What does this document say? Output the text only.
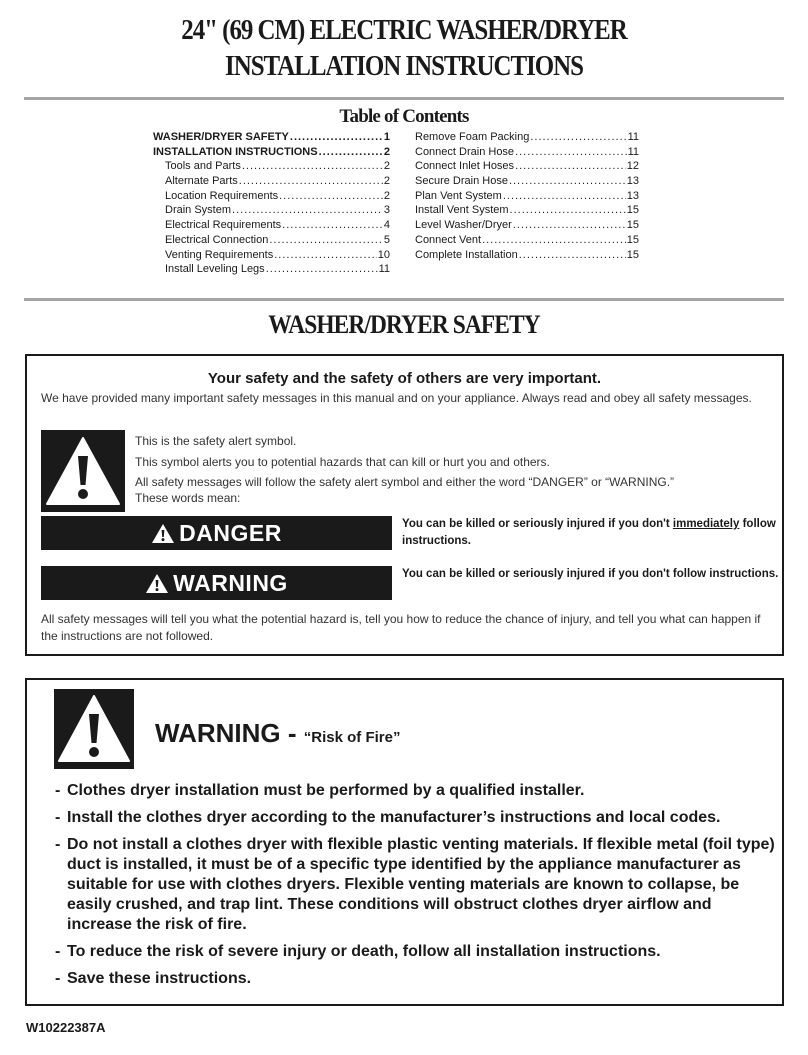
24" (69 CM) ELECTRIC WASHER/DRYER
INSTALLATION INSTRUCTIONS
Table of Contents
WASHER/DRYER SAFETY .....	1
INSTALLATION INSTRUCTIONS .....	2
Tools and Parts .....	2
Alternate Parts .....	2
Location Requirements .....	2
Drain System .....	3
Electrical Requirements .....	4
Electrical Connection .....	5
Venting Requirements .....	10
Install Leveling Legs .....	11
Remove Foam Packing .....	11
Connect Drain Hose .....	11
Connect Inlet Hoses .....	12
Secure Drain Hose .....	13
Plan Vent System .....	13
Install Vent System .....	15
Level Washer/Dryer .....	15
Connect Vent .....	15
Complete Installation .....	15
WASHER/DRYER SAFETY
Your safety and the safety of others are very important.
We have provided many important safety messages in this manual and on your appliance. Always read and obey all safety messages.
This is the safety alert symbol.
This symbol alerts you to potential hazards that can kill or hurt you and others.
All safety messages will follow the safety alert symbol and either the word “DANGER” or “WARNING.”
These words mean:
DANGER	You can be killed or seriously injured if you don't immediately follow instructions.
WARNING	You can be killed or seriously injured if you don't follow instructions.
All safety messages will tell you what the potential hazard is, tell you how to reduce the chance of injury, and tell you what can happen if the instructions are not followed.
WARNING - “Risk of Fire”
- Clothes dryer installation must be performed by a qualified installer.
- Install the clothes dryer according to the manufacturer’s instructions and local codes.
- Do not install a clothes dryer with flexible plastic venting materials. If flexible metal (foil type) duct is installed, it must be of a specific type identified by the appliance manufacturer as suitable for use with clothes dryers. Flexible venting materials are known to collapse, be easily crushed, and trap lint. These conditions will obstruct clothes dryer airflow and increase the risk of fire.
- To reduce the risk of severe injury or death, follow all installation instructions.
- Save these instructions.
W10222387A
